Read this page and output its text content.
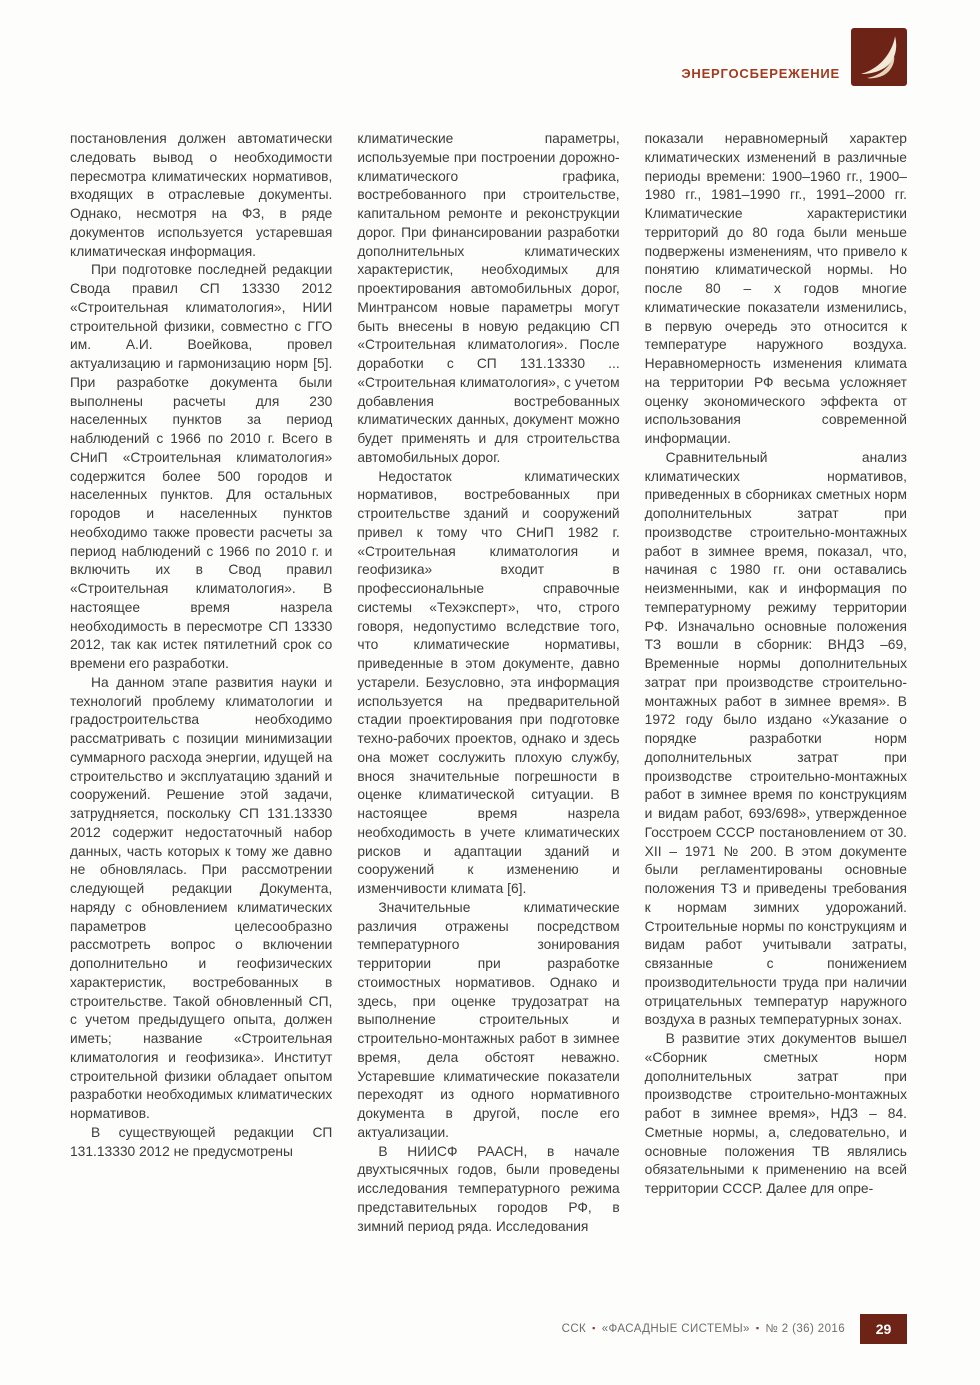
ЭНЕРГОСБЕРЕЖЕНИЕ

постановления должен автоматически следовать вывод о необходимости пересмотра климатических нормативов, входящих в отраслевые документы. Однако, несмотря на ФЗ, в ряде документов используется устаревшая климатическая информация.

При подготовке последней редакции Свода правил СП 13330 2012 «Строительная климатология», НИИ строительной физики, совместно с ГГО им. А.И. Воейкова, провел актуализацию и гармонизацию норм [5]. При разработке документа были выполнены расчеты для 230 населенных пунктов за период наблюдений с 1966 по 2010 г. Всего в СНиП «Строительная климатология» содержится более 500 городов и населенных пунктов. Для остальных городов и населенных пунктов необходимо также провести расчеты за период наблюдений с 1966 по 2010 г. и включить их в Свод правил «Строительная климатология». В настоящее время назрела необходимость в пересмотре СП 13330 2012, так как истек пятилетний срок со времени его разработки.

На данном этапе развития науки и технологий проблему климатологии и градостроительства необходимо рассматривать с позиции минимизации суммарного расхода энергии, идущей на строительство и эксплуатацию зданий и сооружений. Решение этой задачи, затрудняется, поскольку СП 131.13330 2012 содержит недостаточный набор данных, часть которых к тому же давно не обновлялась. При рассмотрении следующей редакции Документа, наряду с обновлением климатических параметров целесообразно рассмотреть вопрос о включении дополнительно и геофизических характеристик, востребованных в строительстве. Такой обновленный СП, с учетом предыдущего опыта, должен иметь; название «Строительная климатология и геофизика». Институт строительной физики обладает опытом разработки необходимых климатических нормативов.

В существующей редакции СП 131.13330 2012 не предусмотрены

климатические параметры, используемые при построении дорожно-климатического графика, востребованного при строительстве, капитальном ремонте и реконструкции дорог. При финансировании разработки дополнительных климатических характеристик, необходимых для проектирования автомобильных дорог, Минтрансом новые параметры могут быть внесены в новую редакцию СП «Строительная климатология». После доработки с СП 131.13330 ... «Строительная климатология», с учетом добавления востребованных климатических данных, документ можно будет применять и для строительства автомобильных дорог.

Недостаток климатических нормативов, востребованных при строительстве зданий и сооружений привел к тому что СНиП 1982 г. «Строительная климатология и геофизика» входит в профессиональные справочные системы «Техэксперт», что, строго говоря, недопустимо вследствие того, что климатические нормативы, приведенные в этом документе, давно устарели. Безусловно, эта информация используется на предварительной стадии проектирования при подготовке техно-рабочих проектов, однако и здесь она может сослужить плохую службу, внося значительные погрешности в оценке климатической ситуации. В настоящее время назрела необходимость в учете климатических рисков и адаптации зданий и сооружений к изменению и изменчивости климата [6].

Значительные климатические различия отражены посредством температурного зонирования территории при разработке стоимостных нормативов. Однако и здесь, при оценке трудозатрат на выполнение строительных и строительно-монтажных работ в зимнее время, дела обстоят неважно. Устаревшие климатические показатели переходят из одного нормативного документа в другой, после его актуализации.

В НИИСФ РААСН, в начале двухтысячных годов, были проведены исследования температурного режима представительных городов РФ, в зимний период ряда. Исследования

показали неравномерный характер климатических изменений в различные периоды времени: 1900–1960 гг., 1900–1980 гг., 1981–1990 гг., 1991–2000 гг. Климатические характеристики территорий до 80 года были меньше подвержены изменениям, что привело к понятию климатической нормы. Но после 80 – х годов многие климатические показатели изменились, в первую очередь это относится к температуре наружного воздуха. Неравномерность изменения климата на территории РФ весьма усложняет оценку экономического эффекта от использования современной информации.

Сравнительный анализ климатических нормативов, приведенных в сборниках сметных норм дополнительных затрат при производстве строительно-монтажных работ в зимнее время, показал, что, начиная с 1980 гг. они оставались неизменными, как и информация по температурному режиму территории РФ. Изначально основные положения ТЗ вошли в сборник: ВНДЗ –69, Временные нормы дополнительных затрат при производстве строительно-монтажных работ в зимнее время». В 1972 году было издано «Указание о порядке разработки норм дополнительных затрат при производстве строительно-монтажных работ в зимнее время по конструкциям и видам работ, 693/698», утвержденное Госстроем СССР постановлением от 30. XII – 1971 № 200. В этом документе были регламентированы основные положения ТЗ и приведены требования к нормам зимних удорожаний. Строительные нормы по конструкциям и видам работ учитывали затраты, связанные с понижением производительности труда при наличии отрицательных температур наружного воздуха в разных температурных зонах.

В развитие этих документов вышел «Сборник сметных норм дополнительных затрат при производстве строительно-монтажных работ в зимнее время», НДЗ – 84. Сметные нормы, а, следовательно, и основные положения ТВ являлись обязательными к применению на всей территории СССР. Далее для опре-

ССК ▪ «ФАСАДНЫЕ СИСТЕМЫ» ▪ № 2 (36) 2016 29
